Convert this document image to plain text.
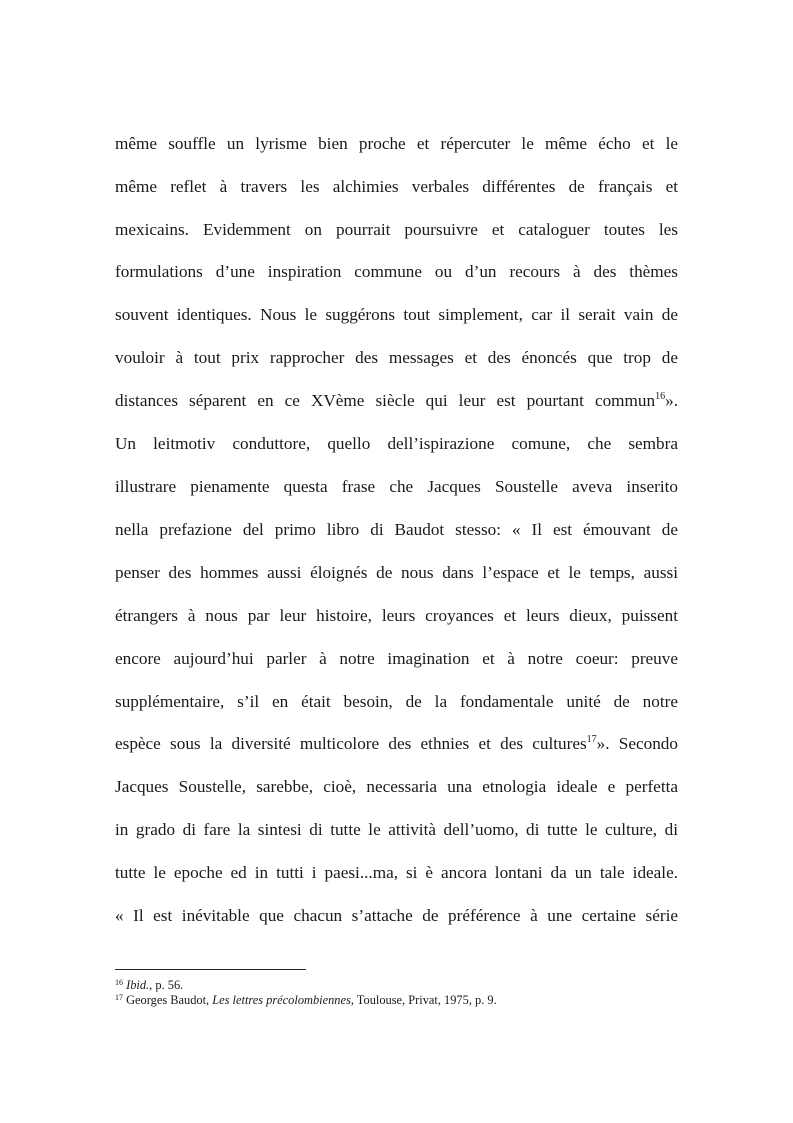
même souffle un lyrisme bien proche et répercuter le même écho et le

même reflet à travers les alchimies verbales différentes de français et

mexicains. Evidemment on pourrait poursuivre et cataloguer toutes les

formulations d’une inspiration commune ou d’un recours à des thèmes

souvent identiques. Nous le suggérons tout simplement, car il serait vain de

vouloir à tout prix rapprocher des messages et des énoncés que trop de

distances séparent en ce XVème siècle qui leur est pourtant commun$^{16}$».

Un leitmotiv conduttore, quello dell’ispirazione comune, che sembra

illustrare pienamente questa frase che Jacques Soustelle aveva inserito

nella prefazione del primo libro di Baudot stesso: « Il est émouvant de

penser des hommes aussi éloignés de nous dans l’espace et le temps, aussi

étrangers à nous par leur histoire, leurs croyances et leurs dieux, puissent

encore aujourd’hui parler à notre imagination et à notre coeur: preuve

supplémentaire, s’il en était besoin, de la fondamentale unité de notre

espèce sous la diversité multicolore des ethnies et des cultures$^{17}$». Secondo

Jacques Soustelle, sarebbe, cioè, necessaria una etnologia ideale e perfetta

in grado di fare la sintesi di tutte le attività dell’uomo, di tutte le culture, di

tutte le epoche ed in tutti i paesi...ma, si è ancora lontani da un tale ideale.

« Il est inévitable que chacun s’attache de préférence à une certaine série

$^{16}$ Ibid., p. 56.

$^{17}$ Georges Baudot, Les lettres précolombiennes, Toulouse, Privat, 1975, p. 9.
